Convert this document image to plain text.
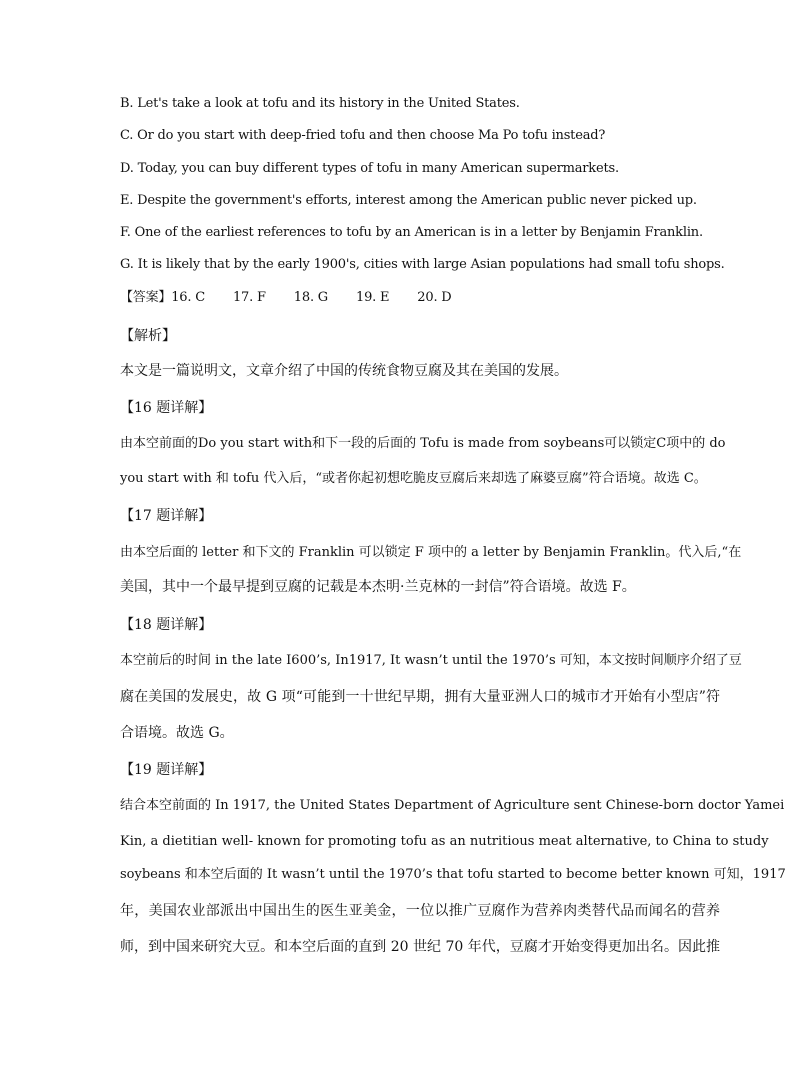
B. Let's take a look at tofu and its history in the United States.
C. Or do you start with deep-fried tofu and then choose Ma Po tofu instead?
D. Today, you can buy different types of tofu in many American supermarkets.
E. Despite the government's efforts, interest among the American public never picked up.
F. One of the earliest references to tofu by an American is in a letter by Benjamin Franklin.
G. It is likely that by the early 1900's, cities with large Asian populations had small tofu shops.
【答案】16. C 17. F 18. G 19. E 20. D
【解析】
本文是一篇说明文，文章介绍了中国的传统食物豆腐及其在美国的发展。
【16 题详解】
由本空前面的Do you start with和下一段的后面的 Tofu is made from soybeans可以锁定C项中的 do
you start with 和 tofu 代入后，“或者你起初想吃脆皮豆腐后来却选了麻婆豆腐”符合语境。故选 C。
【17 题详解】
由本空后面的 letter 和下文的 Franklin 可以锁定 F 项中的 a letter by Benjamin Franklin。代入后,“在
美国，其中一个最早提到豆腐的记载是本杰明·兰克林的一封信”符合语境。故选 F。
【18 题详解】
本空前后的时间 in the late I600’s, In1917, It wasn’t until the 1970’s 可知，本文按时间顺序介绍了豆
腐在美国的发展史，故 G 项“可能到一十世纪早期，拥有大量亚洲人口的城市才开始有小型店”符
合语境。故选 G。
【19 题详解】
结合本空前面的 In 1917, the United States Department of Agriculture sent Chinese-born doctor Yamei
Kin, a dietitian well- known for promoting tofu as an nutritious meat alternative, to China to study
soybeans 和本空后面的 It wasn’t until the 1970’s that tofu started to become better known 可知，1917
年，美国农业部派出中国出生的医生亚美金，一位以推广豆腐作为营养肉类替代品而闻名的营养
师，到中国来研究大豆。和本空后面的直到 20 世纪 70 年代，豆腐才开始变得更加出名。因此推
